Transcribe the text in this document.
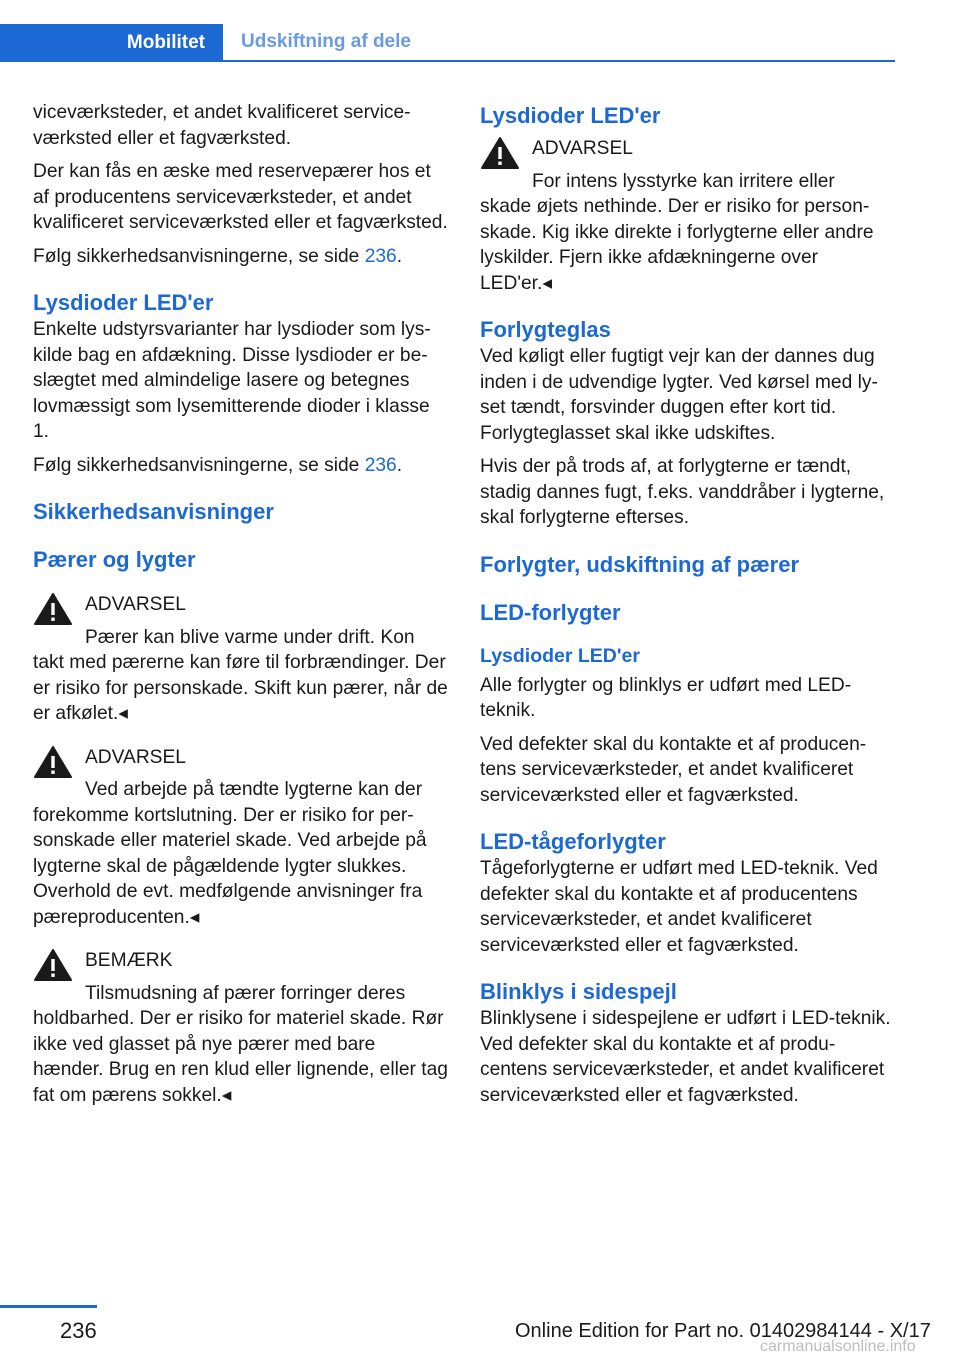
Mobilitet	Udskiftning af dele

viceværksteder, et andet kvalificeret serviceværksted eller et fagværksted.

Der kan fås en æske med reservepærer hos et af producentens serviceværksteder, et andet kvalificeret serviceværksted eller et fagværksted.

Følg sikkerhedsanvisningerne, se side 236.

Lysdioder LED'er

Enkelte udstyrsvarianter har lysdioder som lyskilde bag en afdækning. Disse lysdioder er beslægtet med almindelige lasere og betegnes lovmæssigt som lysemitterende dioder i klasse 1.

Følg sikkerhedsanvisningerne, se side 236.

Sikkerhedsanvisninger
Pærer og lygter
ADVARSEL
Pærer kan blive varme under drift. Kon
takt med pærerne kan føre til forbrændinger. Der er risiko for personskade. Skift kun pærer, når de er afkølet.◂
ADVARSEL
Ved arbejde på tændte lygterne kan der
forekomme kortslutning. Der er risiko for personskade eller materiel skade. Ved arbejde på lygterne skal de pågældende lygter slukkes. Overhold de evt. medfølgende anvisninger fra pæreproducenten.◂
BEMÆRK
Tilsmudsning af pærer forringer deres
holdbarhed. Der er risiko for materiel skade. Rør ikke ved glasset på nye pærer med bare hænder. Brug en ren klud eller lignende, eller tag fat om pærens sokkel.◂
Lysdioder LED'er
ADVARSEL
For intens lysstyrke kan irritere eller
skade øjets nethinde. Der er risiko for personskade. Kig ikke direkte i forlygterne eller andre lyskilder. Fjern ikke afdækningerne over LED'er.◂
Forlygteglas

Ved køligt eller fugtigt vejr kan der dannes dug inden i de udvendige lygter. Ved kørsel med lyset tændt, forsvinder duggen efter kort tid. Forlygteglasset skal ikke udskiftes.

Hvis der på trods af, at forlygterne er tændt, stadig dannes fugt, f.eks. vanddråber i lygterne, skal forlygterne efterses.

Forlygter, udskiftning af pærer
LED-forlygter
Lysdioder LED'er

Alle forlygter og blinklys er udført med LED-teknik.

Ved defekter skal du kontakte et af producentens serviceværksteder, et andet kvalificeret serviceværksted eller et fagværksted.

LED-tågeforlygter

Tågeforlygterne er udført med LED-teknik. Ved defekter skal du kontakte et af producentens serviceværksteder, et andet kvalificeret serviceværksted eller et fagværksted.

Blinklys i sidespejl

Blinklysene i sidespejlene er udført i LED-teknik. Ved defekter skal du kontakte et af producentens serviceværksteder, et andet kvalificeret serviceværksted eller et fagværksted.

236	Online Edition for Part no. 01402984144 - X/17
carmanualsonline.info
